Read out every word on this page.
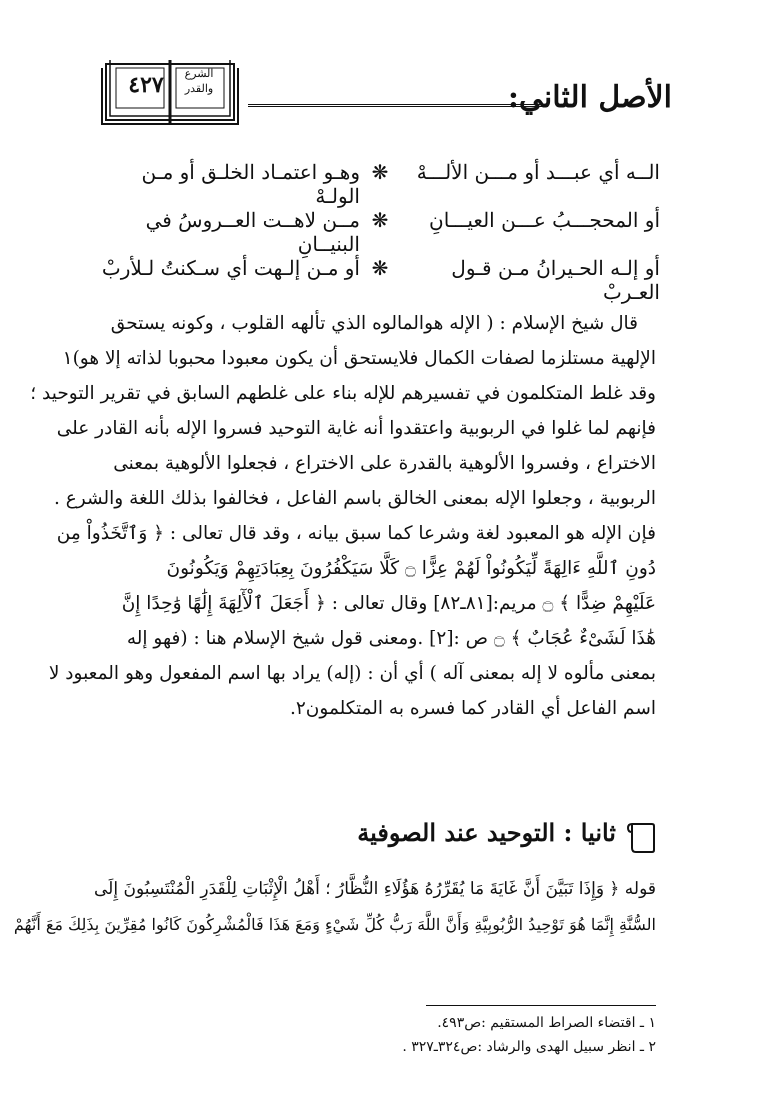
الأصل الثاني:
الشرع
والقدر
٤٢٧
الــه أي عبـــد أو مـــن الألـــهْ
❋
وهـو اعتمـاد الخلـق أو مـن الولـهْ
أو المحجـــبُ عـــن العيـــانِ
❋
مــن لاهــت العــروسُ في البنيــانِ
أو إلـه الحـيرانُ مـن قـول العـربْ
❋
أو مـن إلـهت أي سـكنتُ لـلأربْ
قال شيخ الإسلام : ( الإله هوالمالوه الذي تألهه القلوب ، وكونه يستحق
الإلهية مستلزما لصفات الكمال فلايستحق أن يكون معبودا محبوبا لذاته إلا هو)١
وقد غلط المتكلمون في تفسيرهم للإله بناء على غلطهم السابق في تقرير التوحيد ؛
فإنهم لما غلوا في الربوبية واعتقدوا أنه غاية التوحيد فسروا الإله بأنه القادر على
الاختراع ، وفسروا الألوهية بالقدرة على الاختراع ، فجعلوا الألوهية بمعنى
الربوبية ، وجعلوا الإله بمعنى الخالق باسم الفاعل ، فخالفوا بذلك اللغة والشرع .
فإن الإله هو المعبود لغة وشرعا كما سبق بيانه ، وقد قال تعالى : ﴿ وَٱتَّخَذُواْ مِن
دُونِ ٱللَّهِ ءَالِهَةً لِّيَكُونُواْ لَهُمْ عِزًّا ۝ كَلَّا سَيَكْفُرُونَ بِعِبَادَتِهِمْ وَيَكُونُونَ
عَلَيْهِمْ ضِدًّا ﴾ ۝ مريم:[٨١ـ٨٢] وقال تعالى : ﴿ أَجَعَلَ ٱلْأٓلِهَةَ إِلَٰهًا وَٰحِدًا إِنَّ
هَٰذَا لَشَىْءٌ عُجَابٌ ﴾ ۝ ص :[٢] .ومعنى قول شيخ الإسلام هنا : (فهو إله
بمعنى مألوه لا إله بمعنى آله ) أي أن : (إله) يراد بها اسم المفعول وهو المعبود لا
اسم الفاعل أي القادر كما فسره به المتكلمون٢.
ثانيا : التوحيد عند الصوفية
قوله ﴿ وَإِذَا تَبَيَّنَ أَنَّ غَايَةَ مَا يُقَرِّرُهُ هَؤُلَاءِ النُّظَّارُ ؛ أَهْلُ الْإِثْبَاتِ لِلْقَدَرِ الْمُنْتَسِبُونَ إِلَى
السُّنَّةِ إِنَّمَا هُوَ تَوْحِيدُ الرُّبُوبِيَّةِ وَأَنَّ اللَّهَ رَبُّ كُلِّ شَيْءٍ وَمَعَ هَذَا فَالْمُشْرِكُونَ كَانُوا مُقِرِّينَ بِذَلِكَ مَعَ أَنَّهُمْ
١ ـ اقتضاء الصراط المستقيم :ص٤٩٣.
٢ ـ انظر سبيل الهدى والرشاد :ص٣٢٤ـ٣٢٧ .
